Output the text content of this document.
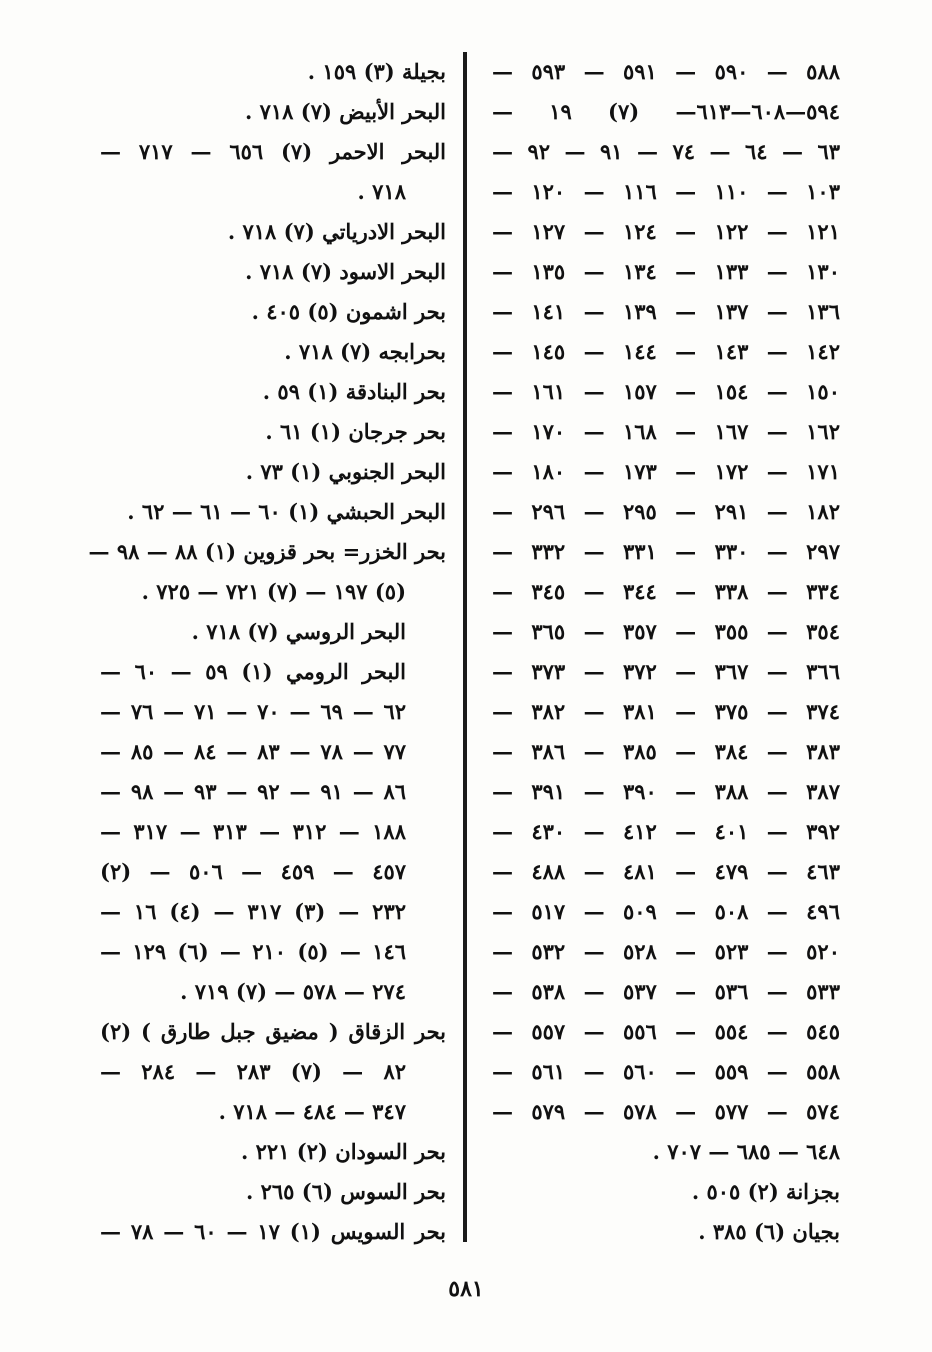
٥٨٨ — ٥٩٠ — ٥٩١ — ٥٩٣ —
٥٩٤—٦٠٨—٦١٣— (٧) ١٩ —
٦٣ — ٦٤ — ٧٤ — ٩١ — ٩٢ —
١٠٣ — ١١٠ — ١١٦ — ١٢٠ —
١٢١ — ١٢٢ — ١٢٤ — ١٢٧ —
١٣٠ — ١٣٣ — ١٣٤ — ١٣٥ —
١٣٦ — ١٣٧ — ١٣٩ — ١٤١ —
١٤٢ — ١٤٣ — ١٤٤ — ١٤٥ —
١٥٠ — ١٥٤ — ١٥٧ — ١٦١ —
١٦٢ — ١٦٧ — ١٦٨ — ١٧٠ —
١٧١ — ١٧٢ — ١٧٣ — ١٨٠ —
١٨٢ — ٢٩١ — ٢٩٥ — ٢٩٦ —
٢٩٧ — ٣٣٠ — ٣٣١ — ٣٣٢ —
٣٣٤ — ٣٣٨ — ٣٤٤ — ٣٤٥ —
٣٥٤ — ٣٥٥ — ٣٥٧ — ٣٦٥ —
٣٦٦ — ٣٦٧ — ٣٧٢ — ٣٧٣ —
٣٧٤ — ٣٧٥ — ٣٨١ — ٣٨٢ —
٣٨٣ — ٣٨٤ — ٣٨٥ — ٣٨٦ —
٣٨٧ — ٣٨٨ — ٣٩٠ — ٣٩١ —
٣٩٢ — ٤٠١ — ٤١٢ — ٤٣٠ —
٤٦٣ — ٤٧٩ — ٤٨١ — ٤٨٨ —
٤٩٦ — ٥٠٨ — ٥٠٩ — ٥١٧ —
٥٢٠ — ٥٢٣ — ٥٢٨ — ٥٣٢ —
٥٣٣ — ٥٣٦ — ٥٣٧ — ٥٣٨ —
٥٤٥ — ٥٥٤ — ٥٥٦ — ٥٥٧ —
٥٥٨ — ٥٥٩ — ٥٦٠ — ٥٦١ —
٥٧٤ — ٥٧٧ — ٥٧٨ — ٥٧٩ —
٦٤٨ — ٦٨٥ — ٧٠٧ .
بجزانة (٢) ٥٠٥ .
بجيان (٦) ٣٨٥ .
بجيلة (٣) ١٥٩ .
البحر الأبيض (٧) ٧١٨ .
البحر الاحمر (٧) ٦٥٦ — ٧١٧ —
٧١٨ .
البحر الادرياتي (٧) ٧١٨ .
البحر الاسود (٧) ٧١٨ .
بحر اشمون (٥) ٤٠٥ .
بحرابجه (٧) ٧١٨ .
بحر البنادقة (١) ٥٩ .
بحر جرجان (١) ٦١ .
البحر الجنوبي (١) ٧٣ .
البحر الحبشي (١) ٦٠ — ٦١ — ٦٢ .
بحر الخزر= بحر قزوين (١) ٨٨ — ٩٨ —
(٥) ١٩٧ — (٧) ٧٢١ — ٧٢٥ .
البحر الروسي (٧) ٧١٨ .
البحر الرومي (١) ٥٩ — ٦٠ —
٦٢ — ٦٩ — ٧٠ — ٧١ — ٧٦ —
٧٧ — ٧٨ — ٨٣ — ٨٤ — ٨٥ —
٨٦ — ٩١ — ٩٢ — ٩٣ — ٩٨ —
١٨٨ — ٣١٢ — ٣١٣ — ٣١٧ —
٤٥٧ — ٤٥٩ — ٥٠٦ — (٢)
٢٣٢ — (٣) ٣١٧ — (٤) ١٦ —
١٤٦ — (٥) ٢١٠ — (٦) ١٢٩ —
٢٧٤ — ٥٧٨ — (٧) ٧١٩ .
بحر الزقاق ( مضيق جبل طارق ) (٢)
٨٢ — (٧) ٢٨٣ — ٢٨٤ —
٣٤٧ — ٤٨٤ — ٧١٨ .
بحر السودان (٢) ٢٢١ .
بحر السوس (٦) ٢٦٥ .
بحر السويس (١) ١٧ — ٦٠ — ٧٨ —
٥٨١
